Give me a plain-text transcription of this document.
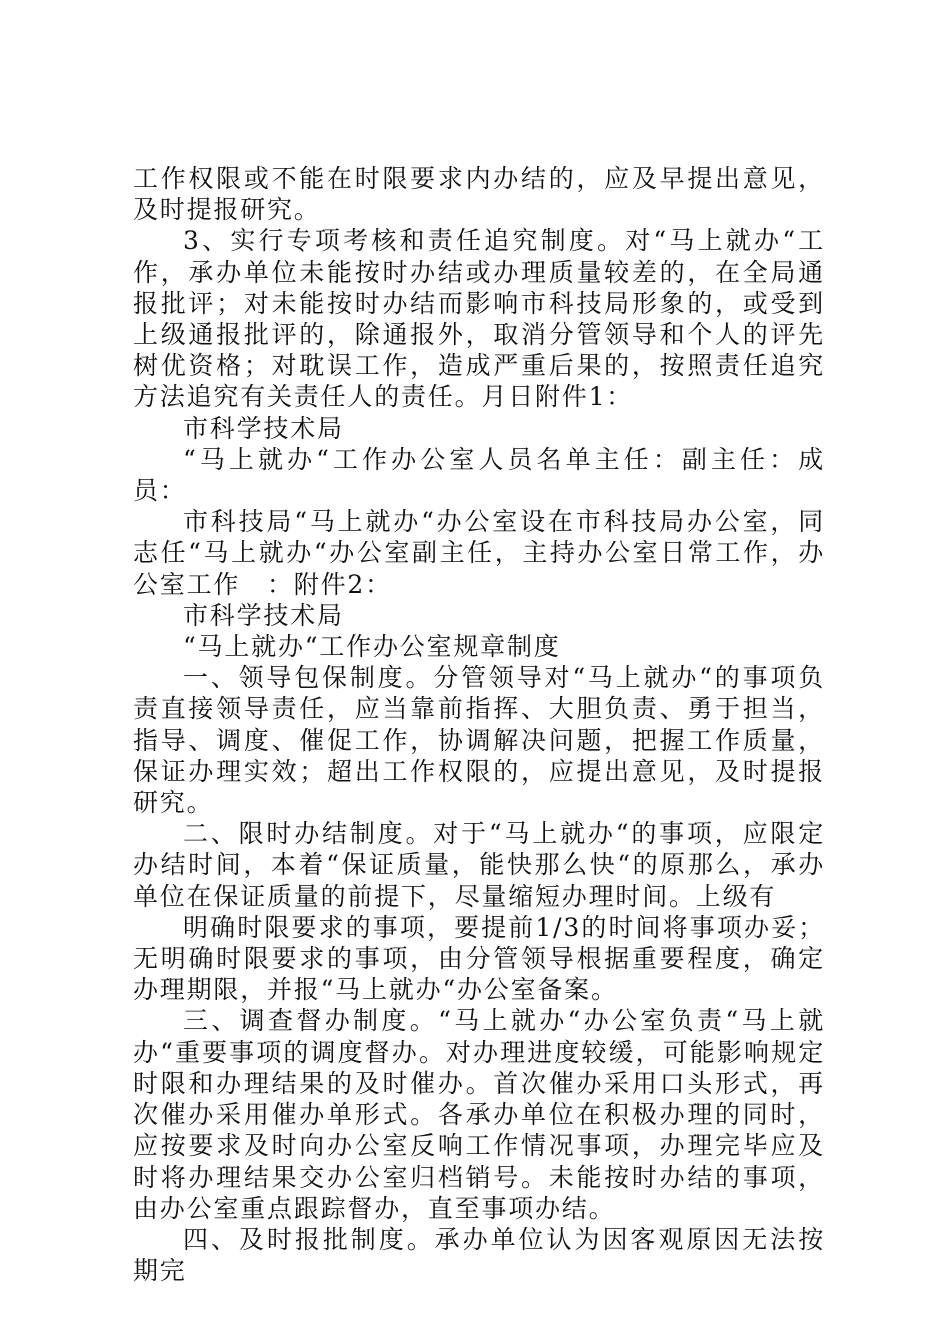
工作权限或不能在时限要求内办结的，应及早提出意见，及时提报研究。

3、实行专项考核和责任追究制度。对“马上就办“工作，承办单位未能按时办结或办理质量较差的，在全局通报批评；对未能按时办结而影响市科技局形象的，或受到上级通报批评的，除通报外，取消分管领导和个人的评先树优资格；对耽误工作，造成严重后果的，按照责任追究方法追究有关责任人的责任。月日附件1：

市科学技术局

“马上就办“工作办公室人员名单主任：副主任：成员：

市科技局“马上就办“办公室设在市科技局办公室，同志任“马上就办“办公室副主任，主持办公室日常工作，办公室工作　：附件2：

市科学技术局

“马上就办“工作办公室规章制度

一、领导包保制度。分管领导对“马上就办“的事项负责直接领导责任，应当靠前指挥、大胆负责、勇于担当，指导、调度、催促工作，协调解决问题，把握工作质量，保证办理实效；超出工作权限的，应提出意见，及时提报研究。

二、限时办结制度。对于“马上就办“的事项，应限定办结时间，本着“保证质量，能快那么快“的原那么，承办单位在保证质量的前提下，尽量缩短办理时间。上级有

明确时限要求的事项，要提前1/3的时间将事项办妥；无明确时限要求的事项，由分管领导根据重要程度，确定办理期限，并报“马上就办“办公室备案。

三、调查督办制度。“马上就办“办公室负责“马上就办“重要事项的调度督办。对办理进度较缓，可能影响规定时限和办理结果的及时催办。首次催办采用口头形式，再次催办采用催办单形式。各承办单位在积极办理的同时，应按要求及时向办公室反响工作情况事项，办理完毕应及时将办理结果交办公室归档销号。未能按时办结的事项，由办公室重点跟踪督办，直至事项办结。

四、及时报批制度。承办单位认为因客观原因无法按期完
